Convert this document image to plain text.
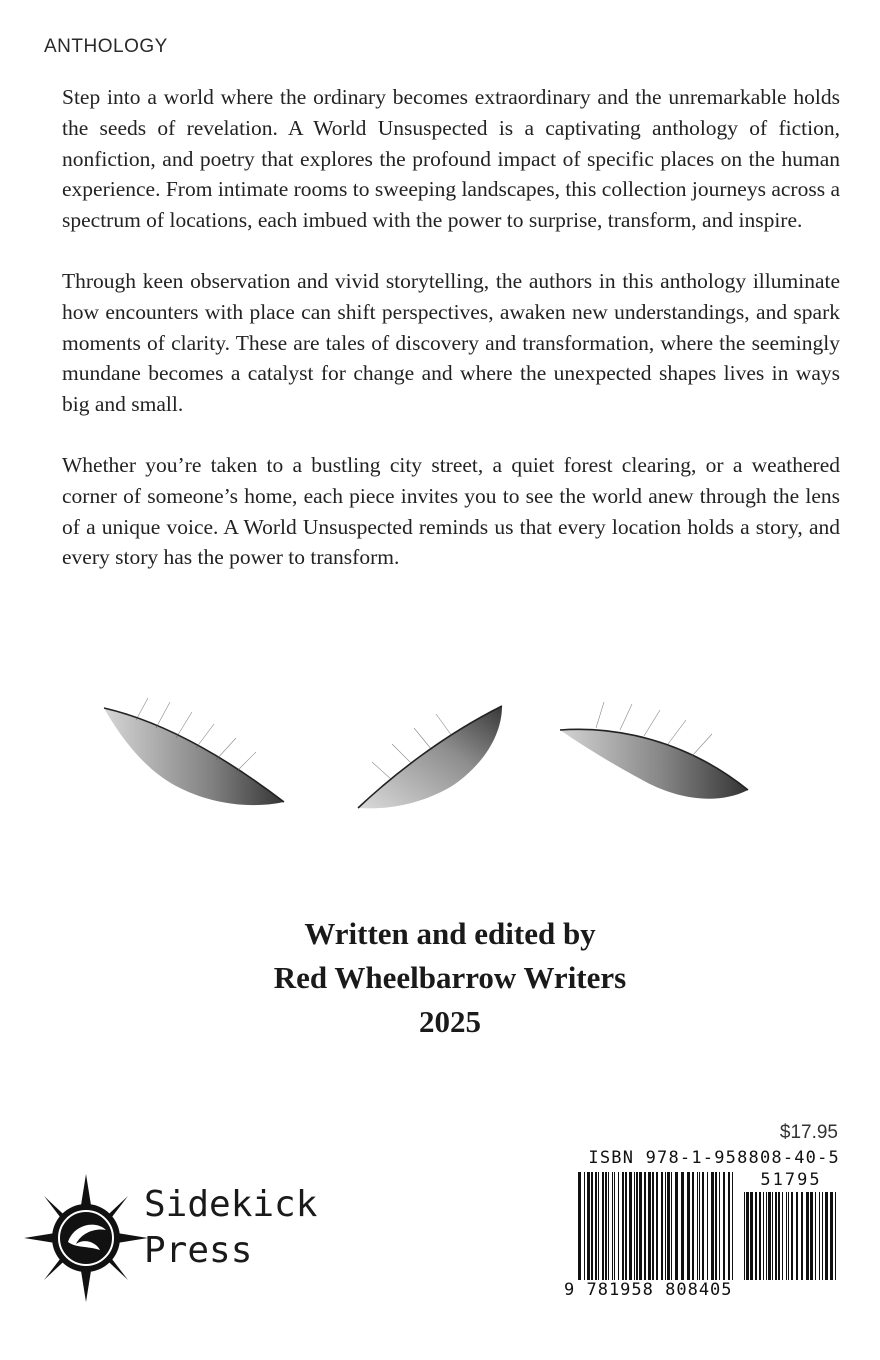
ANTHOLOGY

Step into a world where the ordinary becomes extraordinary and the unremarkable holds the seeds of revelation. A World Unsuspected is a captivating anthology of fiction, nonfiction, and poetry that explores the profound impact of specific places on the human experience. From intimate rooms to sweeping landscapes, this collection journeys across a spectrum of locations, each imbued with the power to surprise, transform, and inspire.

Through keen observation and vivid storytelling, the authors in this anthology illuminate how encounters with place can shift perspectives, awaken new understandings, and spark moments of clarity. These are tales of discovery and transformation, where the seemingly mundane becomes a catalyst for change and where the unexpected shapes lives in ways big and small.

Whether you’re taken to a bustling city street, a quiet forest clearing, or a weathered corner of someone’s home, each piece invites you to see the world anew through the lens of a unique voice. A World Unsuspected reminds us that every location holds a story, and every story has the power to transform.

Written and edited by
Red Wheelbarrow Writers
2025
Sidekick
Press
$17.95
ISBN 978-1-958808-40-5
51795
9 781958 808405
